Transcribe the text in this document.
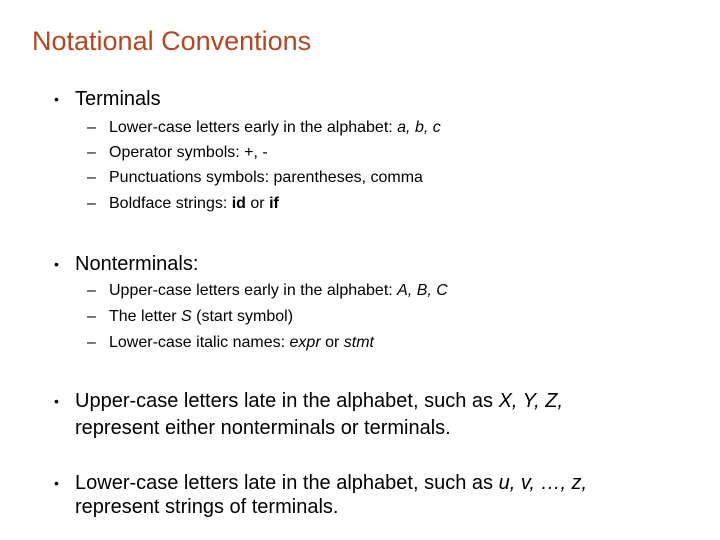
Notational Conventions
• Terminals
– Lower-case letters early in the alphabet: a, b, c
– Operator symbols: +, -
– Punctuations symbols: parentheses, comma
– Boldface strings: id or if
• Nonterminals:
– Upper-case letters early in the alphabet: A, B, C
– The letter S (start symbol)
– Lower-case italic names: expr or stmt
• Upper-case letters late in the alphabet, such as X, Y, Z,
represent either nonterminals or terminals.
• Lower-case letters late in the alphabet, such as u, v, …, z,
represent strings of terminals.
